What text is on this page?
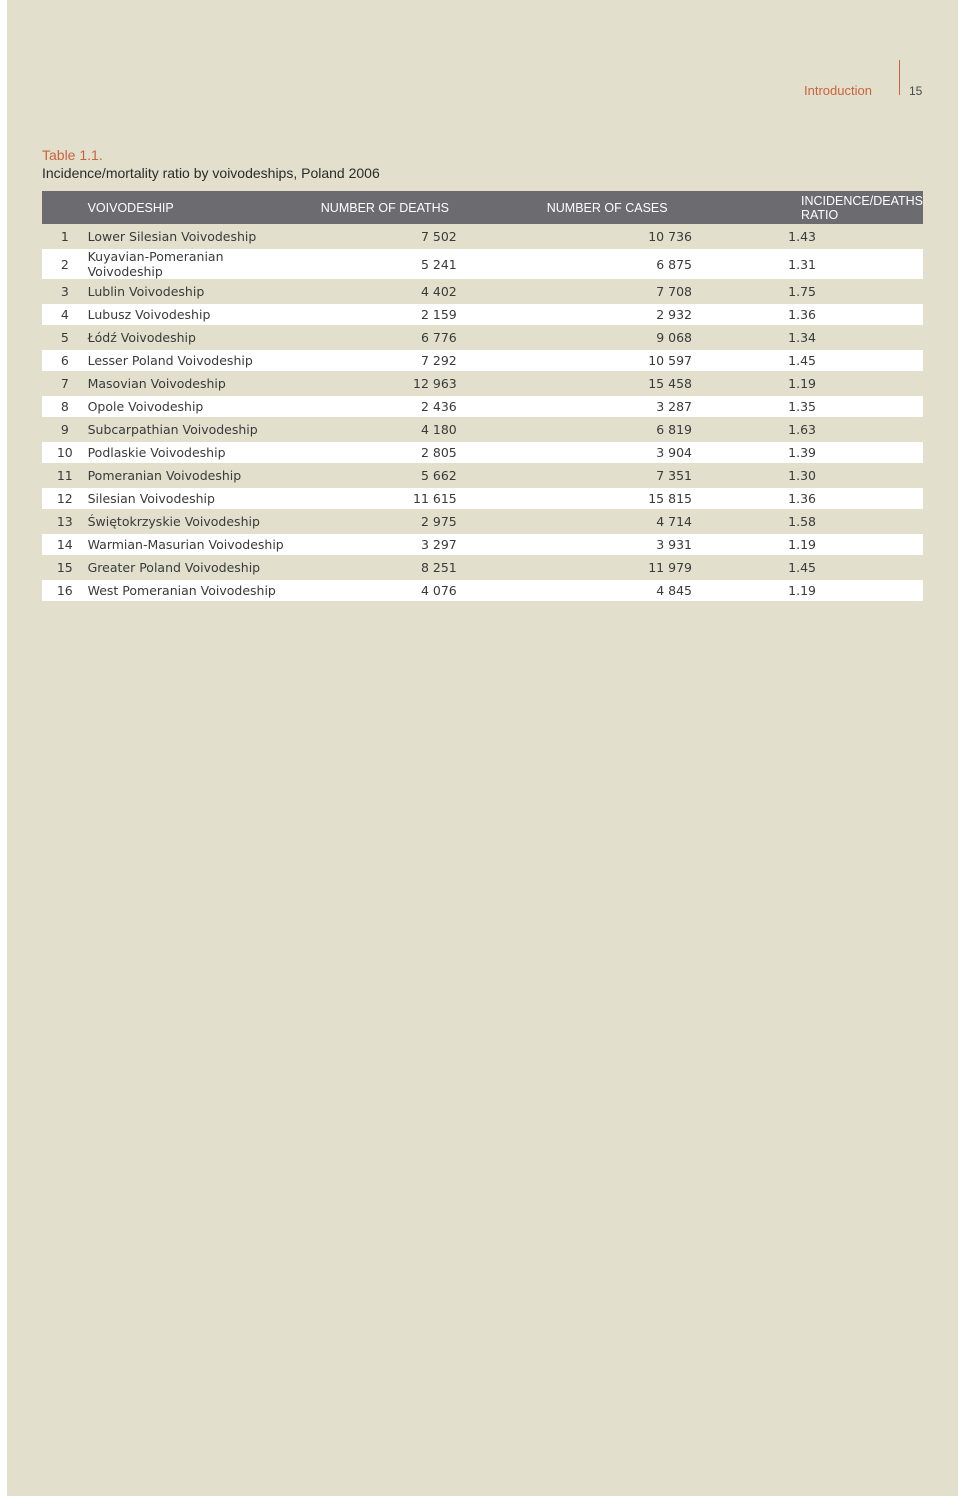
Introduction	15
Table 1.1.
Incidence/mortality ratio by voivodeships, Poland 2006
	VOIVODESHIP	NUMBER OF DEATHS	NUMBER OF CASES	INCIDENCE/DEATHS RATIO
1	Lower Silesian Voivodeship	7 502	10 736	1.43
2	Kuyavian-Pomeranian Voivodeship	5 241	6 875	1.31
3	Lublin Voivodeship	4 402	7 708	1.75
4	Lubusz Voivodeship	2 159	2 932	1.36
5	Łódź Voivodeship	6 776	9 068	1.34
6	Lesser Poland Voivodeship	7 292	10 597	1.45
7	Masovian Voivodeship	12 963	15 458	1.19
8	Opole Voivodeship	2 436	3 287	1.35
9	Subcarpathian Voivodeship	4 180	6 819	1.63
10	Podlaskie Voivodeship	2 805	3 904	1.39
11	Pomeranian Voivodeship	5 662	7 351	1.30
12	Silesian Voivodeship	11 615	15 815	1.36
13	Świętokrzyskie Voivodeship	2 975	4 714	1.58
14	Warmian-Masurian Voivodeship	3 297	3 931	1.19
15	Greater Poland Voivodeship	8 251	11 979	1.45
16	West Pomeranian Voivodeship	4 076	4 845	1.19
